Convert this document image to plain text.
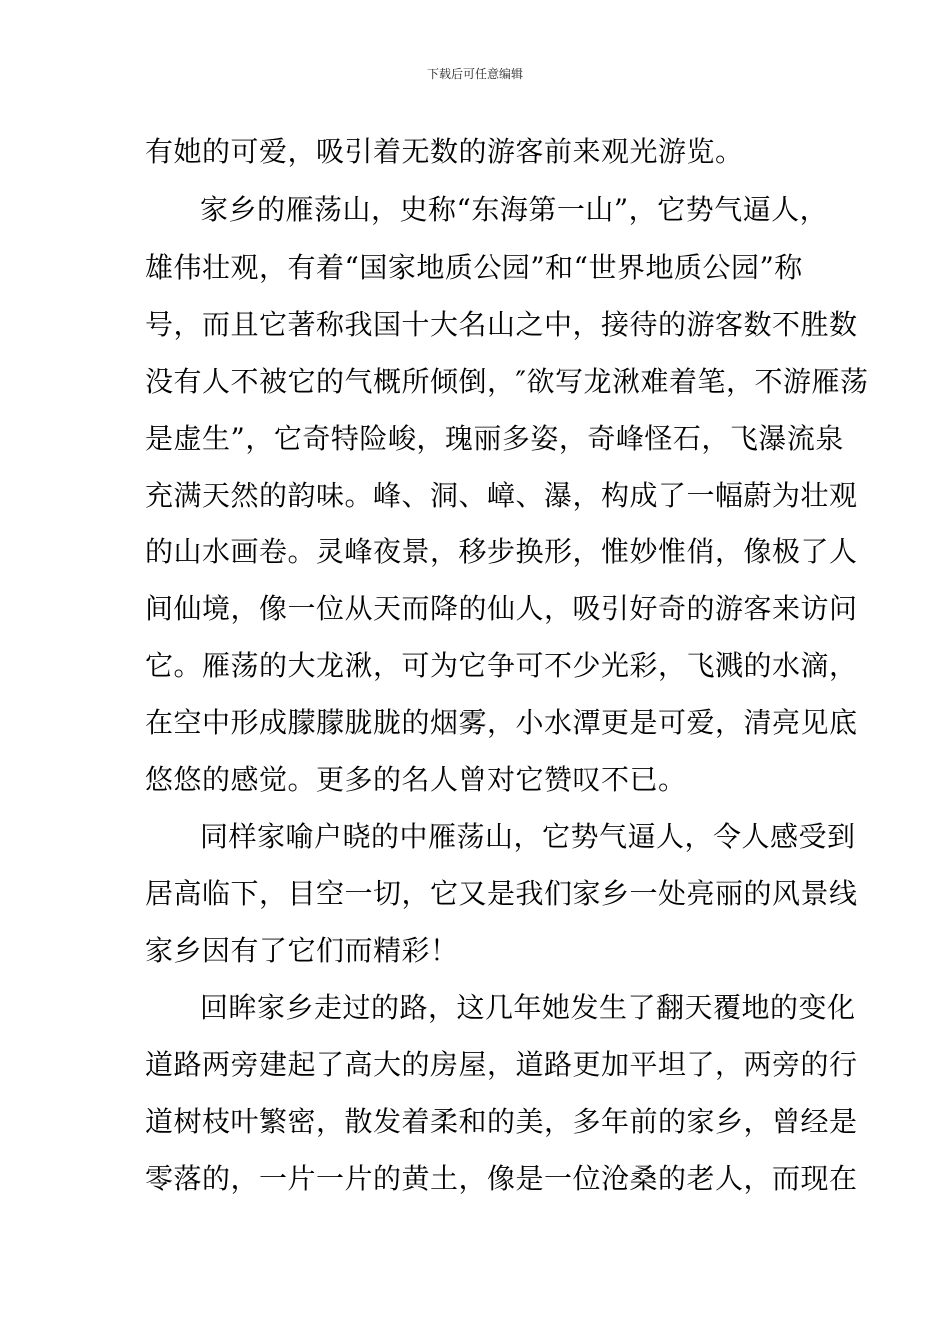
下载后可任意编辑
有她的可爱，吸引着无数的游客前来观光游览。
家乡的雁荡山，史称“东海第一山”，它势气逼人，
雄伟壮观，有着“国家地质公园”和“世界地质公园”称
号，而且它著称我国十大名山之中，接待的游客数不胜数
没有人不被它的气概所倾倒，″欲写龙湫难着笔，不游雁荡
是虚生”，它奇特险峻，瑰丽多姿，奇峰怪石，飞瀑流泉
充满天然的韵味。峰、洞、嶂、瀑，构成了一幅蔚为壮观
的山水画卷。灵峰夜景，移步换形，惟妙惟俏，像极了人
间仙境，像一位从天而降的仙人，吸引好奇的游客来访问
它。雁荡的大龙湫，可为它争可不少光彩，飞溅的水滴，
在空中形成朦朦胧胧的烟雾，小水潭更是可爱，清亮见底
悠悠的感觉。更多的名人曾对它赞叹不已。
同样家喻户晓的中雁荡山，它势气逼人，令人感受到
居高临下，目空一切，它又是我们家乡一处亮丽的风景线
家乡因有了它们而精彩！
回眸家乡走过的路，这几年她发生了翻天覆地的变化
道路两旁建起了高大的房屋，道路更加平坦了，两旁的行
道树枝叶繁密，散发着柔和的美，多年前的家乡，曾经是
零落的，一片一片的黄土，像是一位沧桑的老人，而现在
